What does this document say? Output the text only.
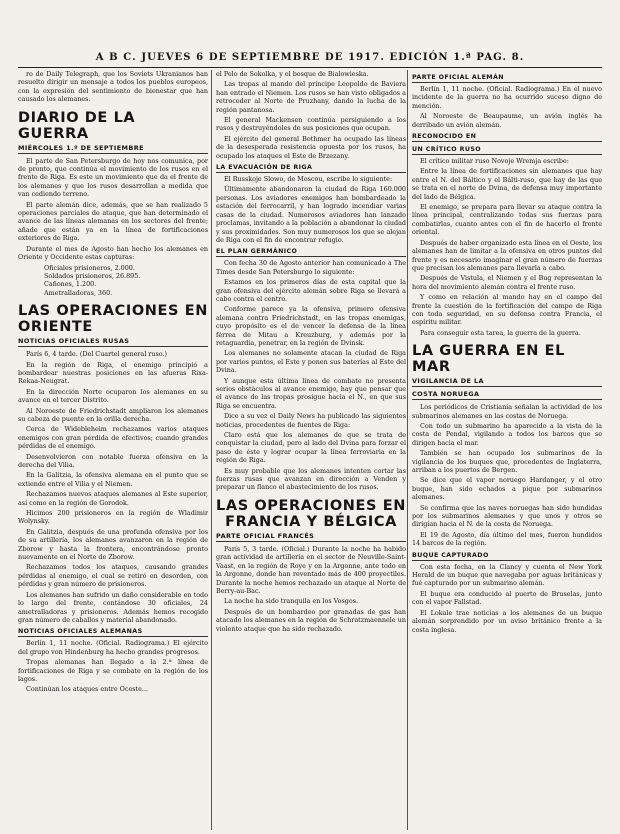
A B C. JUEVES 6 DE SEPTIEMBRE DE 1917. EDICIÓN 1.ª PAG. 8.

ro de Daily Telegraph, que los Soviets Ukranianos han resuelto dirigir un mensaje a todos los pueblos europeos, con la expresión del sentimiento de bienestar que han causado los alemanes.

DIARIO DE LA GUERRA
MIÉRCOLES 1.º DE SEPTIEMBRE

El parte de San Petersburgo de hoy nos comunica, por de pronto, que continúa el movimiento de los rusos en el frente de Riga. Es este un movimiento que da el frente de los alemanes y que los rusos desarrollan a medida que van cediendo terreno.

El parte alemán dice, además, que se han realizado 5 operaciones parciales de ataque, que han determinado el avance de las líneas alemanas en los sectores del frente; añade que están ya en la línea de fortificaciones exteriores de Riga.

Durante el mes de Agosto han hecho los alemanes en Oriente y Occidente estas capturas:

Oficiales prisioneros, 2.000.
Soldados prisioneros, 26.895.
Cañones, 1.200.
Ametralladoras, 360.
LAS OPERACIONES EN ORIENTE
NOTICIAS OFICIALES RUSAS

París 6, 4 tarde. (Del Cuartel general ruso.)

En la región de Riga, el enemigo principió a bombardear nuestras posiciones en las afueras Rixa-Rekaa-Neugrat.

En la dirección Norte ocuparon los alemanes en su avance en el tercer Distrito.

Al Noroeste de Friedrichstadt ampliaron los alemanes su cabeza de puente en la orilla derecha.

Cerca de Widebleheim rechazamos varios ataques enemigos con gran pérdida de efectivos; cuando grandes pérdidas de el enemigo.

Desenvolvieron con notable fuerza ofensiva en la derecha del Vilia.

En la Galitzia, la ofensiva alemana en el punto que se extiende entre el Vilia y el Niemen.

Rechazamos nuevos ataques alemanes al Este superior, así como en la región de Gorodok.

Hicimos 200 prisioneros en la región de Wladimir Wolynsky.

En Galitzia, después de una profunda ofensiva por los de su artillería, los alemanes avanzaron en la región de Zborow y hasta la frontera, encontrándose pronto nuevamente en el Norte de Zborow.

Rechazamos todos los ataques, causando grandes pérdidas al enemigo, el cual se retiró en desorden, con pérdidas y gran número de prisioneros.

Los alemanes han sufrido un daño considerable en todo lo largo del frente, contándose 30 oficiales, 24 ametralladoras y prisioneros. Además hemos recogido gran número de caballos y material abandonado.

NOTICIAS OFICIALES ALEMANAS

Berlín 1, 11 noche. (Oficial. Radiograma.) El ejército del grupo von Hindenburg ha hecho grandes progresos.

Tropas alemanas han llegado a la 2.ª línea de fortificaciones de Riga y se combate en la región de los lagos.

Continúan los ataques entre Oceste...

el Pelo de Sokolka, y el bosque de Bialowieska.

Las tropas al mando del príncipe Leopoldo de Baviera han entrado el Niemen. Los rusos se han visto obligados a retroceder al Norte de Pruzhany, dando la lucha de la región pantanosa.

El general Mackensen continúa persiguiendo a los rusos y destruyéndoles de sus posiciones que ocupan.

El ejército del general Bothmer ha ocupado las líneas de la desesperada resistencia opuesta por los rusos, ha ocupado los ataques el Este de Brzezany.

LA EVACUACIÓN DE RIGA

El Russkoje Slowo, de Moscou, escribe lo siguiente:

Últimamente abandonaron la ciudad de Riga 160.000 personas. Los aviadores enemigos han bombardeado la estación del ferrocarril, y han logrado incendiar varias casas de la ciudad. Numerosos aviadores han lanzado proclamas, invitando a la población a abandonar la ciudad y sus proximidades. Son muy numerosos los que se alejan de Riga con el fin de encontrar refugio.

EL PLAN GERMÁNICO

Con fecha 30 de Agosto anterior han comunicado a The Times desde San Petersburgo lo siguiente:

Estamos en los primeros días de esta capital que la gran ofensiva del ejército alemán sobre Riga se llevará a cabo contra el centro.

Conforme parece ya la ofensiva, primero ofensiva alemana contra Friedrichstadt, en las tropas enemigas, cuyo propósito es el de vencer la defensa de la línea férrea de Mitau a Kreuzburg, y además por la retaguardia, penetrar, en la región de Dvinsk.

Los alemanes no solamente atacan la ciudad de Riga por varios puntos, el Este y ponen sus baterías al Este del Dvina.

Y aunque esta última línea de combate no presenta serios obstáculos al avance enemigo, hay que pensar que el avance de las tropas prosigue hacia el N., en que sus Riga se encuentra.

Dice a su vez el Daily News ha publicado las siguientes noticias, procedentes de fuentes de Riga:

Claro está que los alemanes de que se trata de conquistar la ciudad, pero al lado del Dvina para forzar el paso de éste y lograr ocupar la línea ferroviaria en la región de Riga.

Es muy probable que los alemanes intenten cortar las fuerzas rusas que avanzan en dirección a Venden y preparar un flanco el abastecimiento de los rusos.

LAS OPERACIONES EN FRANCIA Y BÉLGICA
PARTE OFICIAL FRANCÉS

París 5, 3 tarde. (Oficial.) Durante la noche ha habido gran actividad de artillería en el sector de Neuville-Saint-Vaast, en la región de Roye y en la Argonne, ante todo en la Argonne, donde han reventado más de 400 proyectiles. Durante la noche hemos rechazado un ataque al Norte de Berry-au-Bac.

La noche ha sido tranquila en los Vosgos.

Después de un bombardeo por granadas de gas han atacado los alemanes en la región de Schratzmaennele un violento ataque que ha sido rechazado.

PARTE OFICIAL ALEMÁN

Berlín 1, 11 noche. (Oficial. Radiograma.) En el nuevo incidente de la guerra no ha ocurrido suceso digno de mención.

Al Noroeste de Beaupaume, un avión inglés ha derribado un avión alemán.

RECONOCIDO EN
UN CRÍTICO RUSO

El crítico militar ruso Novoje Wremja escribe:

Entre la línea de fortificaciones sin alemanes que hay entre el N. del Báltico y el Bálti-ruso, que hay de las que se trata en el norte de Dvina, de defensa muy importante del lado de Bélgica.

El enemigo, se prepara para llevar su ataque contra la línea principal, centralizando todas sus fuerzas para combatirlas, cuanto antes con el fin de hacerlo el frente oriental.

Después de haber organizado esta línea en el Oeste, los alemanes han de limitar a la ofensiva en otros puntos del frente y es necesario imaginar el gran número de fuerzas que precisan los alemanes para llevarla a cabo.

Después de Vistula, el Niemen y el Bug representan la hora del movimiento alemán contra el frente ruso.

Y como en relación al mando hay en el campo del frente la cuestión de la fortificación del campo de Riga con toda seguridad, en su defensa contra Francia, el espíritu militar.

Para conseguir esta tarea, la guerra de la guerra.

LA GUERRA EN EL MAR
VIGILANCIA DE LA
COSTA NORUEGA

Los periódicos de Cristianía señalan la actividad de los submarinos alemanes en las costas de Noruega.

Con todo un submarino ha aparecido a la vista de la costa de Pendal, vigilando a todos los barcos que se dirigen hacia el mar.

También se han ocupado los submarinos de la vigilancia de los buques que, procedentes de Inglaterra, arriban a los puertos de Bergen.

Se dice que el vapor noruego Hardanger, y el otro buque, han sido echados a pique por submarinos alemanes.

Se confirma que las naves noruegas han sido hundidas por los submarinos alemanes y que unos y otros se dirigían hacia el N. de la costa de Noruega.

El 19 de Agosto, día último del mes, fueron hundidos 14 barcos de la región.

BUQUE CAPTURADO

Con esta fecha, en la Clancy y cuenta el New York Herald de un buque que navegaba por aguas británicas y fué capturado por un submarino alemán.

El buque era conducido al puerto de Bruselas, junto con el vapor Fallstad.

El Lokale trae noticias a los alemanes de un buque alemán sorprendido por un aviso británico frente a la costa inglesa.
